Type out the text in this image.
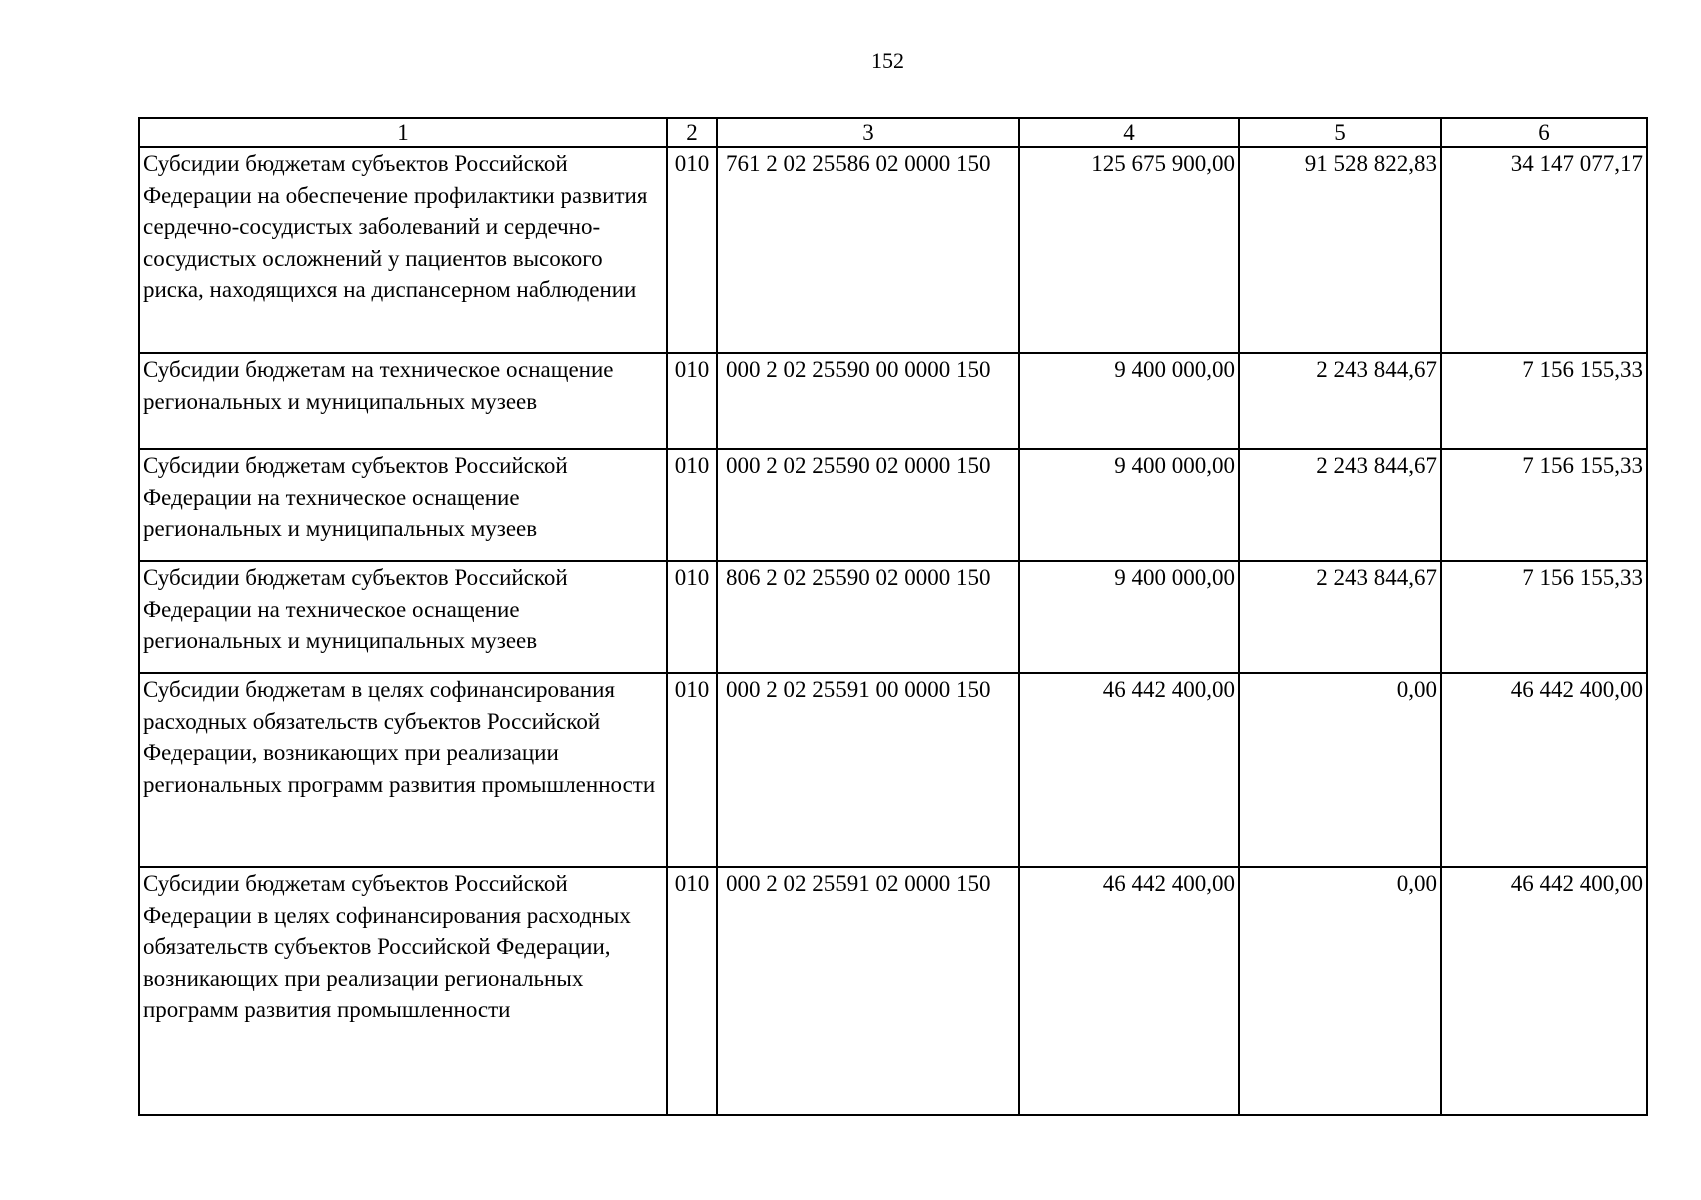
152
1	2	3	4	5	6
Субсидии бюджетам субъектов Российской Федерации на обеспечение профилактики развития сердечно-сосудистых заболеваний и сердечно-сосудистых осложнений у пациентов высокого риска, находящихся на диспансерном наблюдении	010	761 2 02 25586 02 0000 150	125 675 900,00	91 528 822,83	34 147 077,17
Субсидии бюджетам на техническое оснащение региональных и муниципальных музеев	010	000 2 02 25590 00 0000 150	9 400 000,00	2 243 844,67	7 156 155,33
Субсидии бюджетам субъектов Российской Федерации на техническое оснащение региональных и муниципальных музеев	010	000 2 02 25590 02 0000 150	9 400 000,00	2 243 844,67	7 156 155,33
Субсидии бюджетам субъектов Российской Федерации на техническое оснащение региональных и муниципальных музеев	010	806 2 02 25590 02 0000 150	9 400 000,00	2 243 844,67	7 156 155,33
Субсидии бюджетам в целях софинансирования расходных обязательств субъектов Российской Федерации, возникающих при реализации региональных программ развития промышленности	010	000 2 02 25591 00 0000 150	46 442 400,00	0,00	46 442 400,00
Субсидии бюджетам субъектов Российской Федерации в целях софинансирования расходных обязательств субъектов Российской Федерации, возникающих при реализации региональных программ развития промышленности	010	000 2 02 25591 02 0000 150	46 442 400,00	0,00	46 442 400,00
